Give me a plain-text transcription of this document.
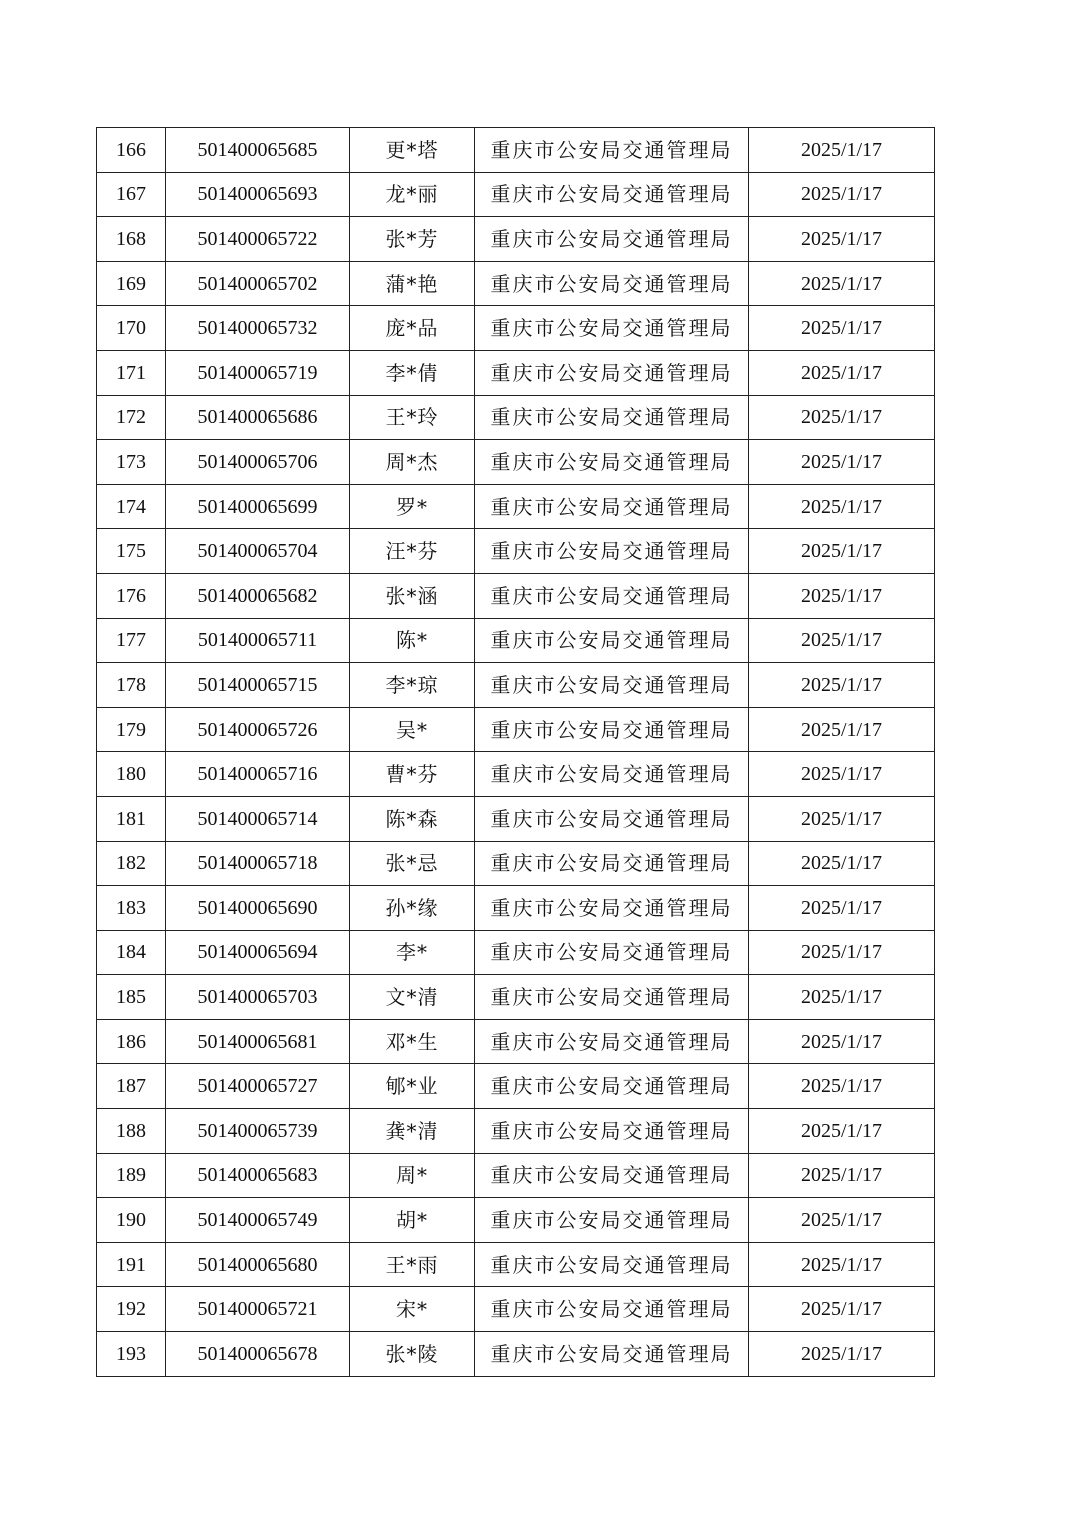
166	501400065685	更*塔	重庆市公安局交通管理局	2025/1/17
167	501400065693	龙*丽	重庆市公安局交通管理局	2025/1/17
168	501400065722	张*芳	重庆市公安局交通管理局	2025/1/17
169	501400065702	蒲*艳	重庆市公安局交通管理局	2025/1/17
170	501400065732	庞*品	重庆市公安局交通管理局	2025/1/17
171	501400065719	李*倩	重庆市公安局交通管理局	2025/1/17
172	501400065686	王*玲	重庆市公安局交通管理局	2025/1/17
173	501400065706	周*杰	重庆市公安局交通管理局	2025/1/17
174	501400065699	罗*	重庆市公安局交通管理局	2025/1/17
175	501400065704	汪*芬	重庆市公安局交通管理局	2025/1/17
176	501400065682	张*涵	重庆市公安局交通管理局	2025/1/17
177	501400065711	陈*	重庆市公安局交通管理局	2025/1/17
178	501400065715	李*琼	重庆市公安局交通管理局	2025/1/17
179	501400065726	吴*	重庆市公安局交通管理局	2025/1/17
180	501400065716	曹*芬	重庆市公安局交通管理局	2025/1/17
181	501400065714	陈*森	重庆市公安局交通管理局	2025/1/17
182	501400065718	张*忌	重庆市公安局交通管理局	2025/1/17
183	501400065690	孙*缘	重庆市公安局交通管理局	2025/1/17
184	501400065694	李*	重庆市公安局交通管理局	2025/1/17
185	501400065703	文*清	重庆市公安局交通管理局	2025/1/17
186	501400065681	邓*生	重庆市公安局交通管理局	2025/1/17
187	501400065727	郇*业	重庆市公安局交通管理局	2025/1/17
188	501400065739	龚*清	重庆市公安局交通管理局	2025/1/17
189	501400065683	周*	重庆市公安局交通管理局	2025/1/17
190	501400065749	胡*	重庆市公安局交通管理局	2025/1/17
191	501400065680	王*雨	重庆市公安局交通管理局	2025/1/17
192	501400065721	宋*	重庆市公安局交通管理局	2025/1/17
193	501400065678	张*陵	重庆市公安局交通管理局	2025/1/17
